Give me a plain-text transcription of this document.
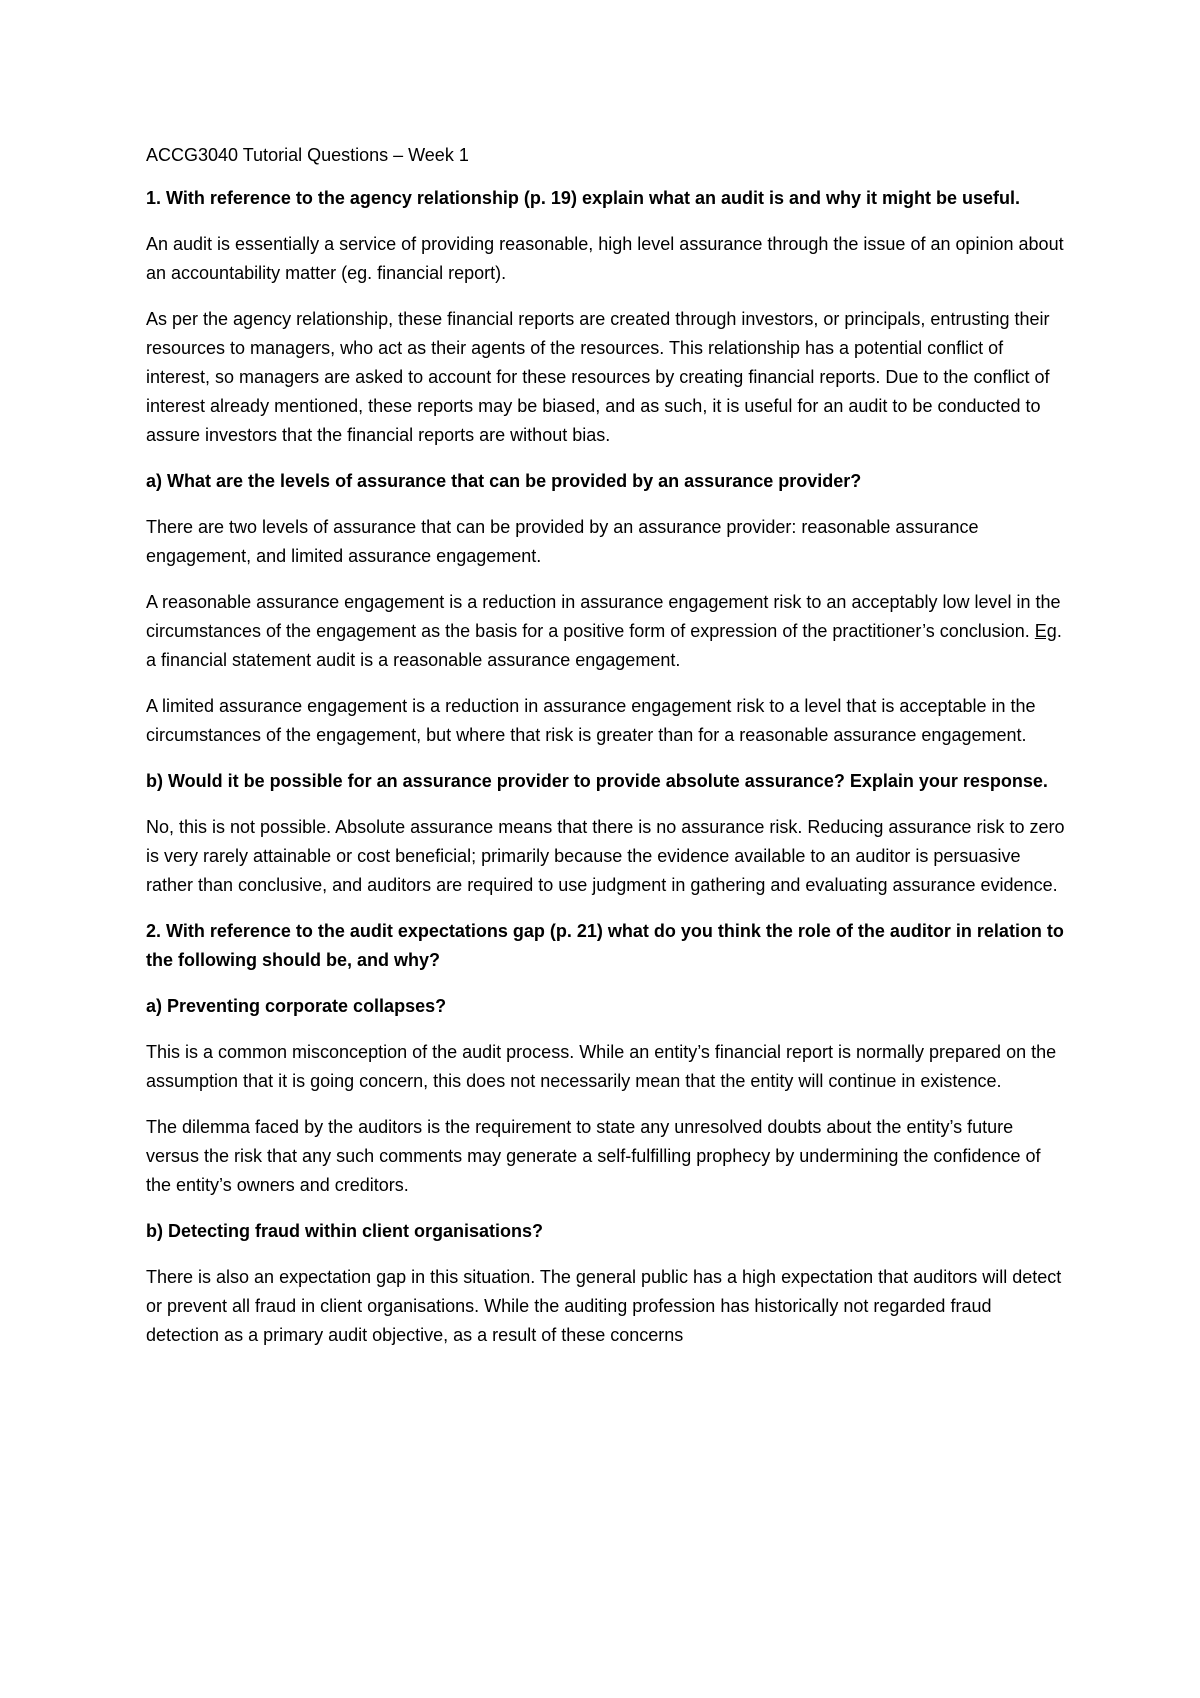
ACCG3040 Tutorial Questions – Week 1

1. With reference to the agency relationship (p. 19) explain what an audit is and why it might be useful.

An audit is essentially a service of providing reasonable, high level assurance through the issue of an opinion about an accountability matter (eg. financial report).

As per the agency relationship, these financial reports are created through investors, or principals, entrusting their resources to managers, who act as their agents of the resources. This relationship has a potential conflict of interest, so managers are asked to account for these resources by creating financial reports. Due to the conflict of interest already mentioned, these reports may be biased, and as such, it is useful for an audit to be conducted to assure investors that the financial reports are without bias.

a) What are the levels of assurance that can be provided by an assurance provider?

There are two levels of assurance that can be provided by an assurance provider: reasonable assurance engagement, and limited assurance engagement.

A reasonable assurance engagement is a reduction in assurance engagement risk to an acceptably low level in the circumstances of the engagement as the basis for a positive form of expression of the practitioner’s conclusion. Eg. a financial statement audit is a reasonable assurance engagement.

A limited assurance engagement is a reduction in assurance engagement risk to a level that is acceptable in the circumstances of the engagement, but where that risk is greater than for a reasonable assurance engagement.

b) Would it be possible for an assurance provider to provide absolute assurance? Explain your response.

No, this is not possible. Absolute assurance means that there is no assurance risk. Reducing assurance risk to zero is very rarely attainable or cost beneficial; primarily because the evidence available to an auditor is persuasive rather than conclusive, and auditors are required to use judgment in gathering and evaluating assurance evidence.

2. With reference to the audit expectations gap (p. 21) what do you think the role of the auditor in relation to the following should be, and why?

a) Preventing corporate collapses?

This is a common misconception of the audit process. While an entity’s financial report is normally prepared on the assumption that it is going concern, this does not necessarily mean that the entity will continue in existence.

The dilemma faced by the auditors is the requirement to state any unresolved doubts about the entity’s future versus the risk that any such comments may generate a self-fulfilling prophecy by undermining the confidence of the entity’s owners and creditors.

b) Detecting fraud within client organisations?

There is also an expectation gap in this situation. The general public has a high expectation that auditors will detect or prevent all fraud in client organisations. While the auditing profession has historically not regarded fraud detection as a primary audit objective, as a result of these concerns
